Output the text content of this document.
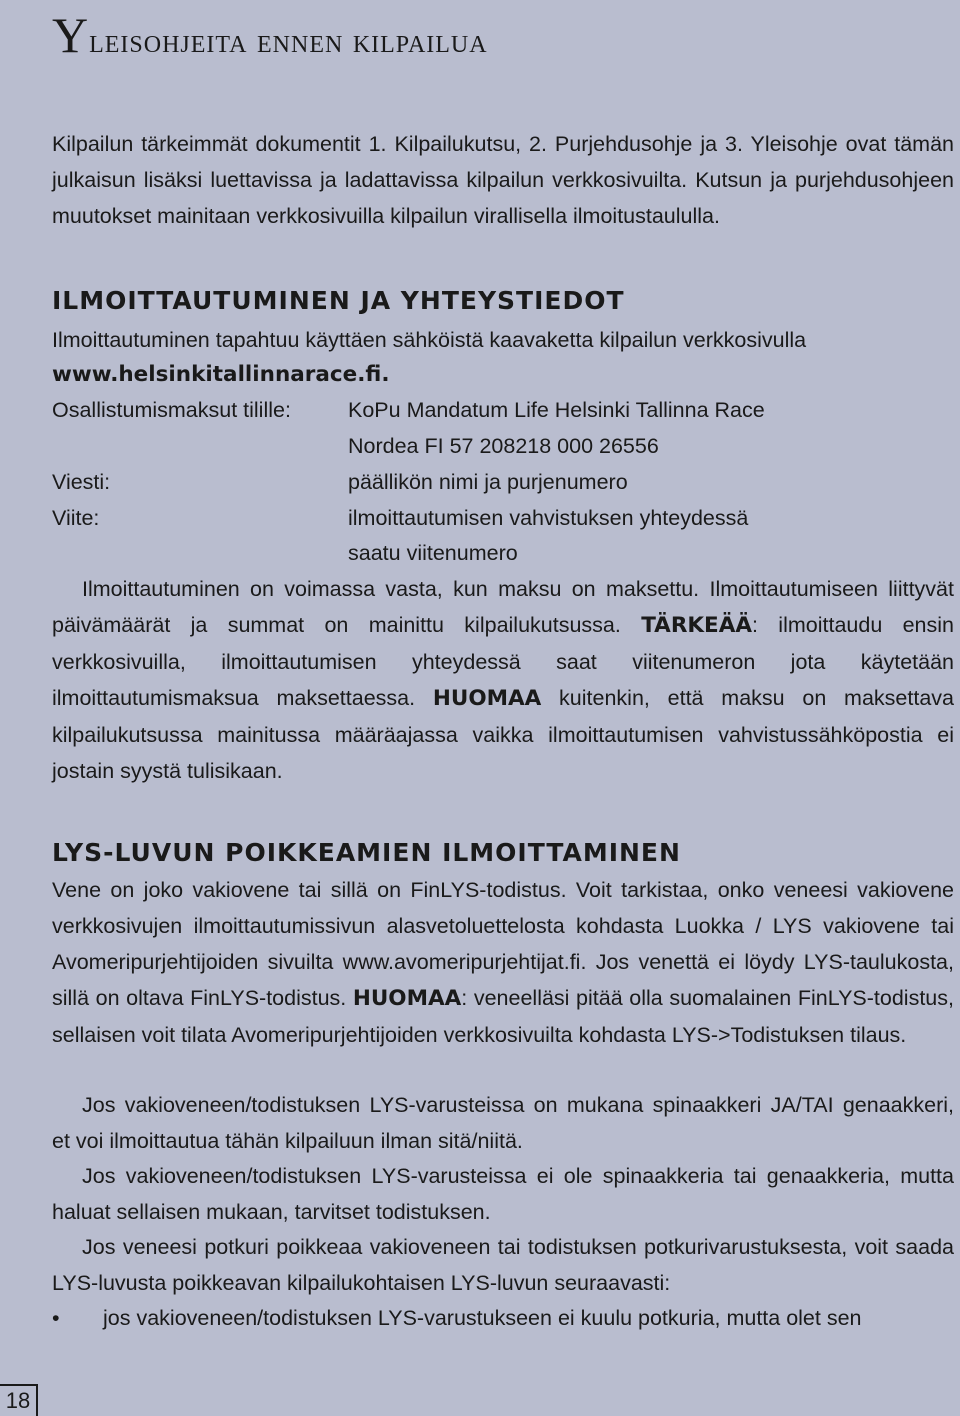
Yleisohjeita ennen kilpailua

Kilpailun tärkeimmät dokumentit 1. Kilpailukutsu, 2. Purjehdusohje ja 3. Yleisohje ovat tämän julkaisun lisäksi luettavissa ja ladattavissa kilpailun verkkosivuilta. Kutsun ja purjehdusohjeen muutokset mainitaan verkkosivuilla kilpailun virallisella ilmoitustaululla.

ILMOITTAUTUMINEN JA YHTEYSTIEDOT

Ilmoittautuminen tapahtuu käyttäen sähköistä kaavaketta kilpailun verkkosivulla

www.helsinkitallinnarace.fi.

Osallistumismaksut tilille:	KoPu Mandatum Life Helsinki Tallinna Race
Nordea FI 57 208218 000 26556
Viesti:	päällikön nimi ja purjenumero
Viite:	ilmoittautumisen vahvistuksen yhteydessä
saatu viitenumero

Ilmoittautuminen on voimassa vasta, kun maksu on maksettu. Ilmoittautumiseen liittyvät päivämäärät ja summat on mainittu kilpailukutsussa. TÄRKEÄÄ: ilmoittaudu ensin verkkosivuilla, ilmoittautumisen yhteydessä saat viitenumeron jota käytetään ilmoittautumismaksua maksettaessa. HUOMAA kuitenkin, että maksu on maksettava kilpailukutsussa mainitussa määräajassa vaikka ilmoittautumisen vahvistussähköpostia ei jostain syystä tulisikaan.

LYS-LUVUN POIKKEAMIEN ILMOITTAMINEN

Vene on joko vakiovene tai sillä on FinLYS-todistus. Voit tarkistaa, onko veneesi vakiovene verkkosivujen ilmoittautumissivun alasvetoluettelosta kohdasta Luokka / LYS vakiovene tai Avomeripurjehtijoiden sivuilta www.avomeripurjehtijat.fi. Jos venettä ei löydy LYS-taulukosta, sillä on oltava FinLYS-todistus. HUOMAA: veneelläsi pitää olla suomalainen FinLYS-todistus, sellaisen voit tilata Avomeripurjehtijoiden verkkosivuilta kohdasta LYS->Todistuksen tilaus.

Jos vakioveneen/todistuksen LYS-varusteissa on mukana spinaakkeri JA/TAI genaakkeri, et voi ilmoittautua tähän kilpailuun ilman sitä/niitä.

Jos vakioveneen/todistuksen LYS-varusteissa ei ole spinaakkeria tai genaakkeria, mutta haluat sellaisen mukaan, tarvitset todistuksen.

Jos veneesi potkuri poikkeaa vakioveneen tai todistuksen potkurivarustuksesta, voit saada LYS-luvusta poikkeavan kilpailukohtaisen LYS-luvun seuraavasti:

• jos vakioveneen/todistuksen LYS-varustukseen ei kuulu potkuria, mutta olet sen
18
